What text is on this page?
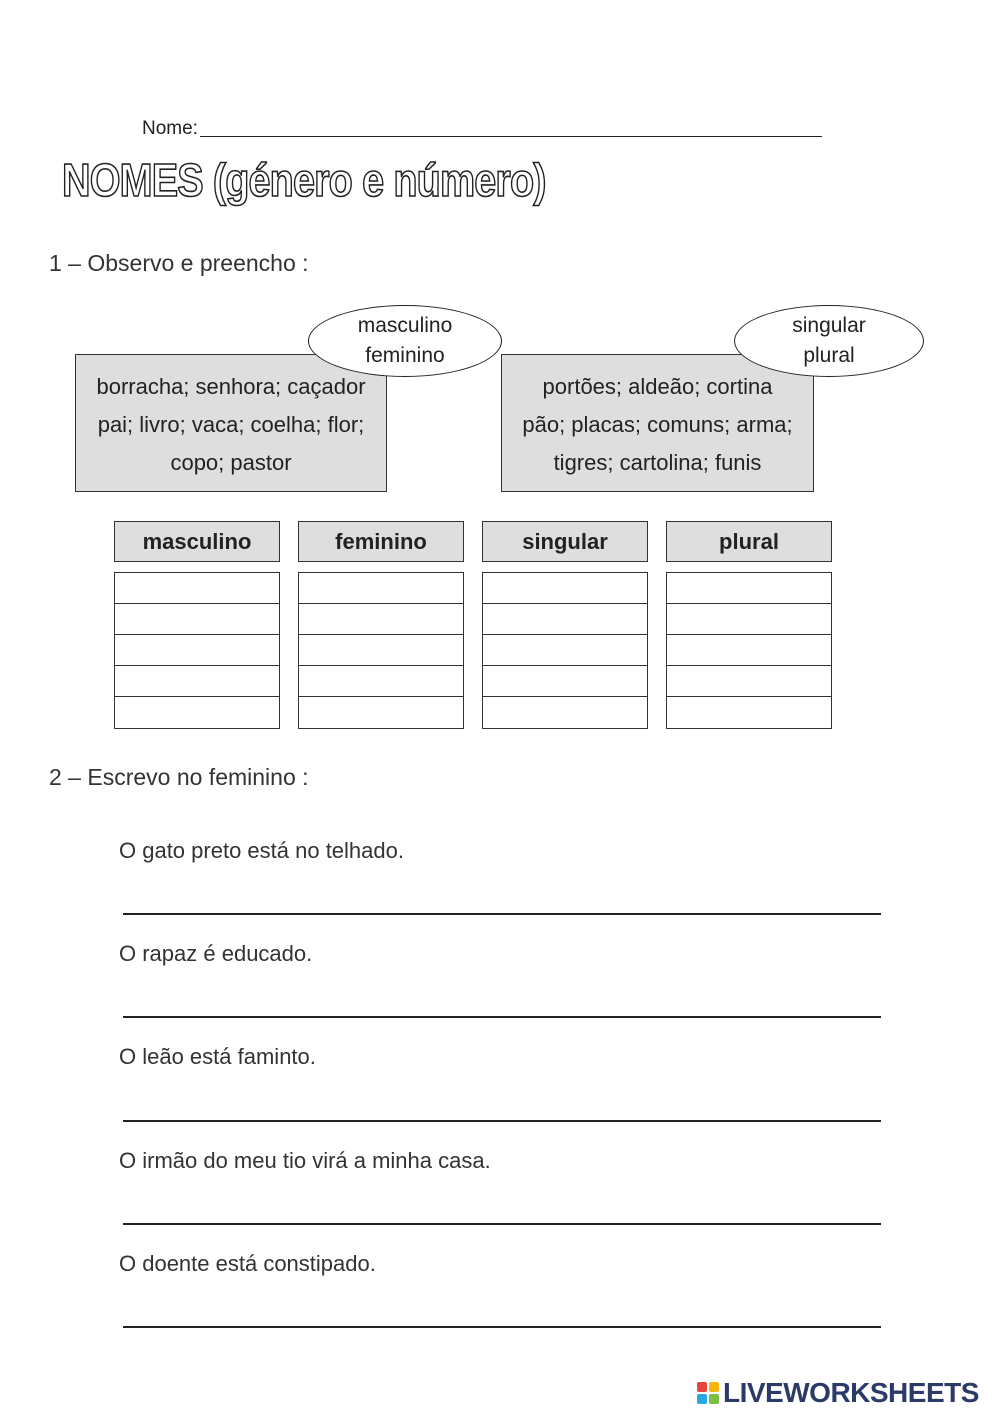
Nome:
NOMES (género e número)
1 – Observo e preencho :
borracha; senhora; caçador
pai; livro; vaca; coelha; flor;
copo; pastor
masculino
feminino
portões; aldeão; cortina
pão; placas; comuns; arma;
tigres; cartolina; funis
singular
plural
masculino	feminino	singular	plural
2 – Escrevo no feminino :
O gato preto está no telhado.
O rapaz é educado.
O leão está faminto.
O irmão do meu tio virá a minha casa.
O doente está constipado.
LIVEWORKSHEETS
